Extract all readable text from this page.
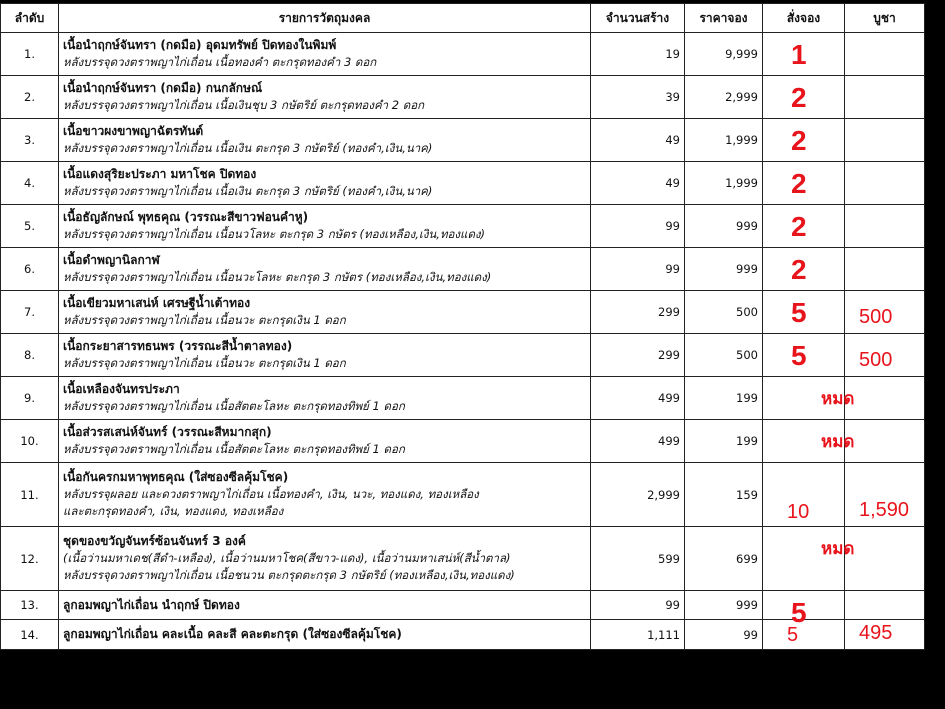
ลำดับ	รายการวัตถุมงคล	จำนวนสร้าง	ราคาจอง	สั่งจอง	บูชา
1.	เนื้อนำฤกษ์จันทรา (กดมือ) อุดมทรัพย์ ปิดทองในพิมพ์
หลังบรรจุดวงตราพญาไก่เถื่อน เนื้อทองคำ ตะกรุดทองคำ 3 ดอก	19	9,999	1	

2.	เนื้อนำฤกษ์จันทรา (กดมือ) กนกลักษณ์
หลังบรรจุดวงตราพญาไก่เถื่อน เนื้อเงินชุบ 3 กษัตริย์ ตะกรุดทองคำ 2 ดอก	39	2,999	2	

3.	เนื้อขาวผงขาพญาฉัตรทันต์
หลังบรรจุดวงตราพญาไก่เถื่อน เนื้อเงิน ตะกรุด 3 กษัตริย์ (ทองคำ,เงิน,นาค)	49	1,999	2	

4.	เนื้อแดงสุริยะประภา มหาโชค ปิดทอง
หลังบรรจุดวงตราพญาไก่เถื่อน เนื้อเงิน ตะกรุด 3 กษัตริย์ (ทองคำ,เงิน,นาค)	49	1,999	2	

5.	เนื้อธัญลักษณ์ พุทธคุณ (วรรณะสีขาวฟอนคำหู)
หลังบรรจุดวงตราพญาไก่เถื่อน เนื้อนวโลหะ ตะกรุด 3 กษัตร (ทองเหลือง,เงิน,ทองแดง)	99	999	2	

6.	เนื้อดำพญานิลกาฬ
หลังบรรจุดวงตราพญาไก่เถื่อน เนื้อนวะโลหะ ตะกรุด 3 กษัตร (ทองเหลือง,เงิน,ทองแดง)	99	999	2	

7.	เนื้อเขียวมหาเสน่ห์ เศรษฐีน้ำเต้าทอง
หลังบรรจุดวงตราพญาไก่เถื่อน เนื้อนวะ ตะกรุดเงิน 1 ดอก	299	500	5	500

8.	เนื้อกระยาสารทธนพร (วรรณะสีน้ำตาลทอง)
หลังบรรจุดวงตราพญาไก่เถื่อน เนื้อนวะ ตะกรุดเงิน 1 ดอก	299	500	5	500

9.	เนื้อเหลืองจันทรประภา
หลังบรรจุดวงตราพญาไก่เถื่อน เนื้อสัตตะโลหะ ตะกรุดทองทิพย์ 1 ดอก	499	199	หมด	

10.	เนื้อส่วรสเสน่ห์จันทร์ (วรรณะสีหมากสุก)
หลังบรรจุดวงตราพญาไก่เถื่อน เนื้อสัตตะโลหะ ตะกรุดทองทิพย์ 1 ดอก	499	199	หมด	

11.	เนื้อกันครกมหาพุทธคุณ (ใส่ซองซีลคุ้มโชค)
หลังบรรจุผลอย และดวงตราพญาไก่เถื่อน เนื้อทองคำ, เงิน, นวะ, ทองแดง, ทองเหลือง
และตะกรุดทองคำ, เงิน, ทองแดง, ทองเหลือง	2,999	159	10	1,590

12.	ชุดของขวัญจันทร์ซ้อนจันทร์ 3 องค์
(เนื้อว่านมหาเดช(สีดำ-เหลือง), เนื้อว่านมหาโชค(สีขาว-แดง), เนื้อว่านมหาเสน่ห์(สีน้ำตาล)
หลังบรรจุดวงตราพญาไก่เถื่อน เนื้อชนวน ตะกรุดตะกรุด 3 กษัตริย์ (ทองเหลือง,เงิน,ทองแดง)	599	699	หมด	

13.	ลูกอมพญาไก่เถื่อน นำฤกษ์ ปิดทอง	99	999	5	

14.	ลูกอมพญาไก่เถื่อน คละเนื้อ คละสี คละตะกรุด (ใส่ซองซีลคุ้มโชค)	1,111	99	5	495
